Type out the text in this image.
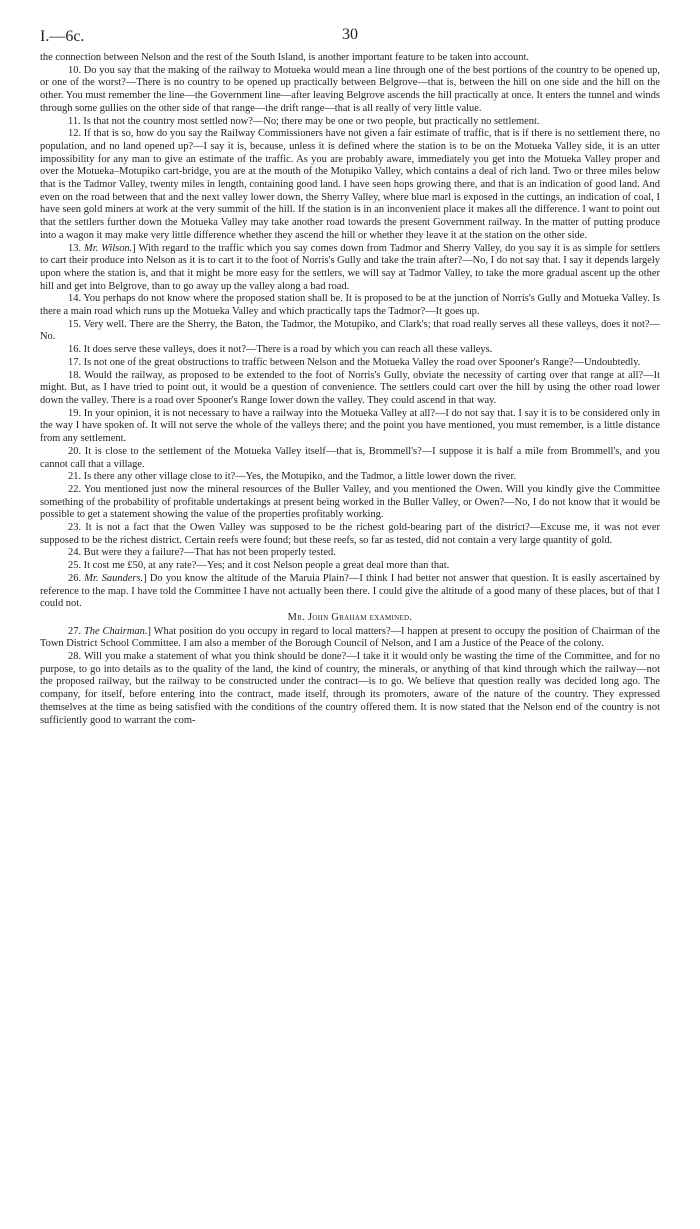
I.—6c.	30

the connection between Nelson and the rest of the South Island, is another important feature to be taken into account.

10. Do you say that the making of the railway to Motueka would mean a line through one of the best portions of the country to be opened up, or one of the worst?—There is no country to be opened up practically between Belgrove—that is, between the hill on one side and the hill on the other. You must remember the line—the Government line—after leaving Belgrove ascends the hill practically at once. It enters the tunnel and winds through some gullies on the other side of that range—the drift range—that is all really of very little value.

11. Is that not the country most settled now?—No; there may be one or two people, but practically no settlement.

12. If that is so, how do you say the Railway Commissioners have not given a fair estimate of traffic, that is if there is no settlement there, no population, and no land opened up?—I say it is, because, unless it is defined where the station is to be on the Motueka Valley side, it is an utter impossibility for any man to give an estimate of the traffic. As you are probably aware, immediately you get into the Motueka Valley proper and over the Motueka–Motupiko cart-bridge, you are at the mouth of the Motupiko Valley, which contains a deal of rich land. Two or three miles below that is the Tadmor Valley, twenty miles in length, containing good land. I have seen hops growing there, and that is an indication of good land. And even on the road between that and the next valley lower down, the Sherry Valley, where blue marl is exposed in the cuttings, an indication of coal, I have seen gold miners at work at the very summit of the hill. If the station is in an inconvenient place it makes all the difference. I want to point out that the settlers further down the Motueka Valley may take another road towards the present Government railway. In the matter of putting produce into a wagon it may make very little difference whether they ascend the hill or whether they leave it at the station on the other side.

13. Mr. Wilson.] With regard to the traffic which you say comes down from Tadmor and Sherry Valley, do you say it is as simple for settlers to cart their produce into Nelson as it is to cart it to the foot of Norris's Gully and take the train after?—No, I do not say that. I say it depends largely upon where the station is, and that it might be more easy for the settlers, we will say at Tadmor Valley, to take the more gradual ascent up the other hill and get into Belgrove, than to go away up the valley along a bad road.

14. You perhaps do not know where the proposed station shall be. It is proposed to be at the junction of Norris's Gully and Motueka Valley. Is there a main road which runs up the Motueka Valley and which practically taps the Tadmor?—It goes up.

15. Very well. There are the Sherry, the Baton, the Tadmor, the Motupiko, and Clark's; that road really serves all these valleys, does it not?—No.

16. It does serve these valleys, does it not?—There is a road by which you can reach all these valleys.

17. Is not one of the great obstructions to traffic between Nelson and the Motueka Valley the road over Spooner's Range?—Undoubtedly.

18. Would the railway, as proposed to be extended to the foot of Norris's Gully, obviate the necessity of carting over that range at all?—It might. But, as I have tried to point out, it would be a question of convenience. The settlers could cart over the hill by using the other road lower down the valley. There is a road over Spooner's Range lower down the valley. They could ascend in that way.

19. In your opinion, it is not necessary to have a railway into the Motueka Valley at all?—I do not say that. I say it is to be considered only in the way I have spoken of. It will not serve the whole of the valleys there; and the point you have mentioned, you must remember, is a little distance from any settlement.

20. It is close to the settlement of the Motueka Valley itself—that is, Brommell's?—I suppose it is half a mile from Brommell's, and you cannot call that a village.

21. Is there any other village close to it?—Yes, the Motupiko, and the Tadmor, a little lower down the river.

22. You mentioned just now the mineral resources of the Buller Valley, and you mentioned the Owen. Will you kindly give the Committee something of the probability of profitable undertakings at present being worked in the Buller Valley, or Owen?—No, I do not know that it would be possible to get a statement showing the value of the properties profitably working.

23. It is not a fact that the Owen Valley was supposed to be the richest gold-bearing part of the district?—Excuse me, it was not ever supposed to be the richest district. Certain reefs were found; but these reefs, so far as tested, did not contain a very large quantity of gold.

24. But were they a failure?—That has not been properly tested.

25. It cost me £50, at any rate?—Yes; and it cost Nelson people a great deal more than that.

26. Mr. Saunders.] Do you know the altitude of the Maruia Plain?—I think I had better not answer that question. It is easily ascertained by reference to the map. I have told the Committee I have not actually been there. I could give the altitude of a good many of these places, but of that I could not.

Mr. John Graham examined.

27. The Chairman.] What position do you occupy in regard to local matters?—I happen at present to occupy the position of Chairman of the Town District School Committee. I am also a member of the Borough Council of Nelson, and I am a Justice of the Peace of the colony.

28. Will you make a statement of what you think should be done?—I take it it would only be wasting the time of the Committee, and for no purpose, to go into details as to the quality of the land, the kind of country, the minerals, or anything of that kind through which the railway—not the proposed railway, but the railway to be constructed under the contract—is to go. We believe that question really was decided long ago. The company, for itself, before entering into the contract, made itself, through its promoters, aware of the nature of the country. They expressed themselves at the time as being satisfied with the conditions of the country offered them. It is now stated that the Nelson end of the country is not sufficiently good to warrant the com-
